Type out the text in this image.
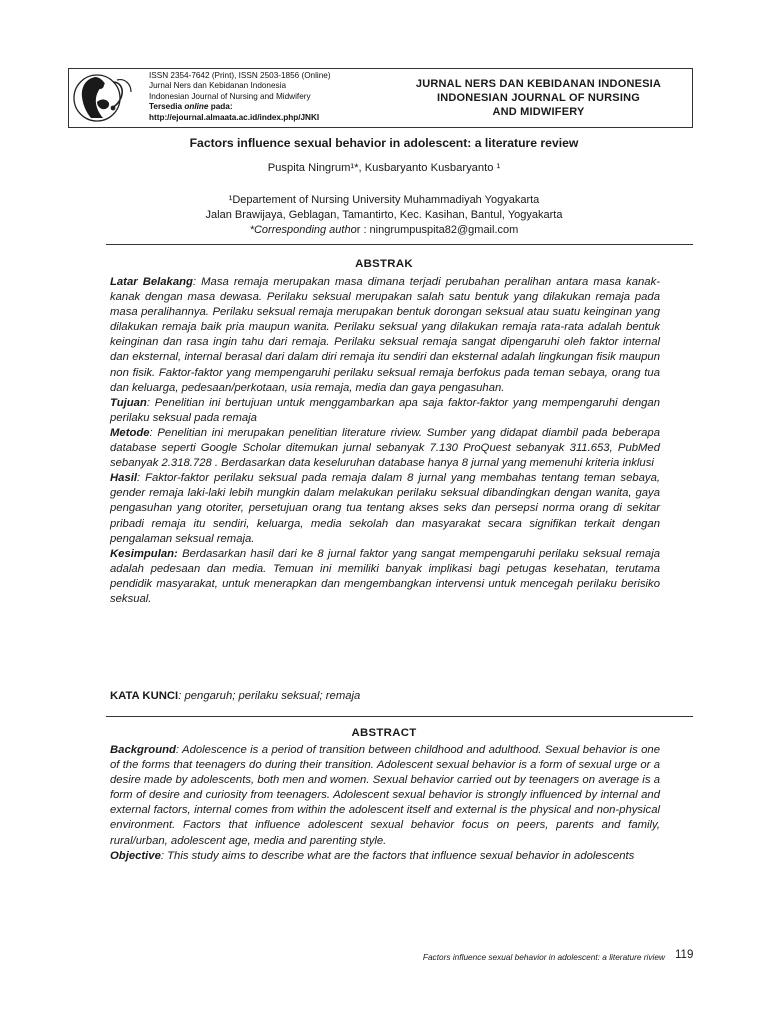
ISSN 2354-7642 (Print), ISSN 2503-1856 (Online)
Jurnal Ners dan Kebidanan Indonesia
Indonesian Journal of Nursing and Midwifery
Tersedia online pada:
http://ejournal.almaata.ac.id/index.php/JNKI
JURNAL NERS DAN KEBIDANAN INDONESIA
INDONESIAN JOURNAL OF NURSING
AND MIDWIFERY
Factors influence sexual behavior in adolescent: a literature review
Puspita Ningrum¹*, Kusbaryanto Kusbaryanto ¹
¹Departement of Nursing University Muhammadiyah Yogyakarta
Jalan Brawijaya, Geblagan, Tamantirto, Kec. Kasihan, Bantul, Yogyakarta
*Corresponding author : ningrumpuspita82@gmail.com
ABSTRAK

Latar Belakang: Masa remaja merupakan masa dimana terjadi perubahan peralihan antara masa kanak-kanak dengan masa dewasa. Perilaku seksual merupakan salah satu bentuk yang dilakukan remaja pada masa peralihannya. Perilaku seksual remaja merupakan bentuk dorongan seksual atau suatu keinginan yang dilakukan remaja baik pria maupun wanita. Perilaku seksual yang dilakukan remaja rata-rata adalah bentuk keinginan dan rasa ingin tahu dari remaja. Perilaku seksual remaja sangat dipengaruhi oleh faktor internal dan eksternal, internal berasal dari dalam diri remaja itu sendiri dan eksternal adalah lingkungan fisik maupun non fisik. Faktor-faktor yang mempengaruhi perilaku seksual remaja berfokus pada teman sebaya, orang tua dan keluarga, pedesaan/perkotaan, usia remaja, media dan gaya pengasuhan.

Tujuan: Penelitian ini bertujuan untuk menggambarkan apa saja faktor-faktor yang mempengaruhi dengan perilaku seksual pada remaja

Metode: Penelitian ini merupakan penelitian literature riview. Sumber yang didapat diambil pada beberapa database seperti Google Scholar ditemukan jurnal sebanyak 7.130 ProQuest sebanyak 311.653, PubMed sebanyak 2.318.728 . Berdasarkan data keseluruhan database hanya 8 jurnal yang memenuhi kriteria inklusi

Hasil: Faktor-faktor perilaku seksual pada remaja dalam 8 jurnal yang membahas tentang teman sebaya, gender remaja laki-laki lebih mungkin dalam melakukan perilaku seksual dibandingkan dengan wanita, gaya pengasuhan yang otoriter, persetujuan orang tua tentang akses seks dan persepsi norma orang di sekitar pribadi remaja itu sendiri, keluarga, media sekolah dan masyarakat secara signifikan terkait dengan pengalaman seksual remaja.

Kesimpulan: Berdasarkan hasil dari ke 8 jurnal faktor yang sangat mempengaruhi perilaku seksual remaja adalah pedesaan dan media. Temuan ini memiliki banyak implikasi bagi petugas kesehatan, terutama pendidik masyarakat, untuk menerapkan dan mengembangkan intervensi untuk mencegah perilaku berisiko seksual.

KATA KUNCI: pengaruh; perilaku seksual; remaja
ABSTRACT

Background: Adolescence is a period of transition between childhood and adulthood. Sexual behavior is one of the forms that teenagers do during their transition. Adolescent sexual behavior is a form of sexual urge or a desire made by adolescents, both men and women. Sexual behavior carried out by teenagers on average is a form of desire and curiosity from teenagers. Adolescent sexual behavior is strongly influenced by internal and external factors, internal comes from within the adolescent itself and external is the physical and non-physical environment. Factors that influence adolescent sexual behavior focus on peers, parents and family, rural/urban, adolescent age, media and parenting style.

Objective: This study aims to describe what are the factors that influence sexual behavior in adolescents

Factors influence sexual behavior in adolescent: a literature riview 119
